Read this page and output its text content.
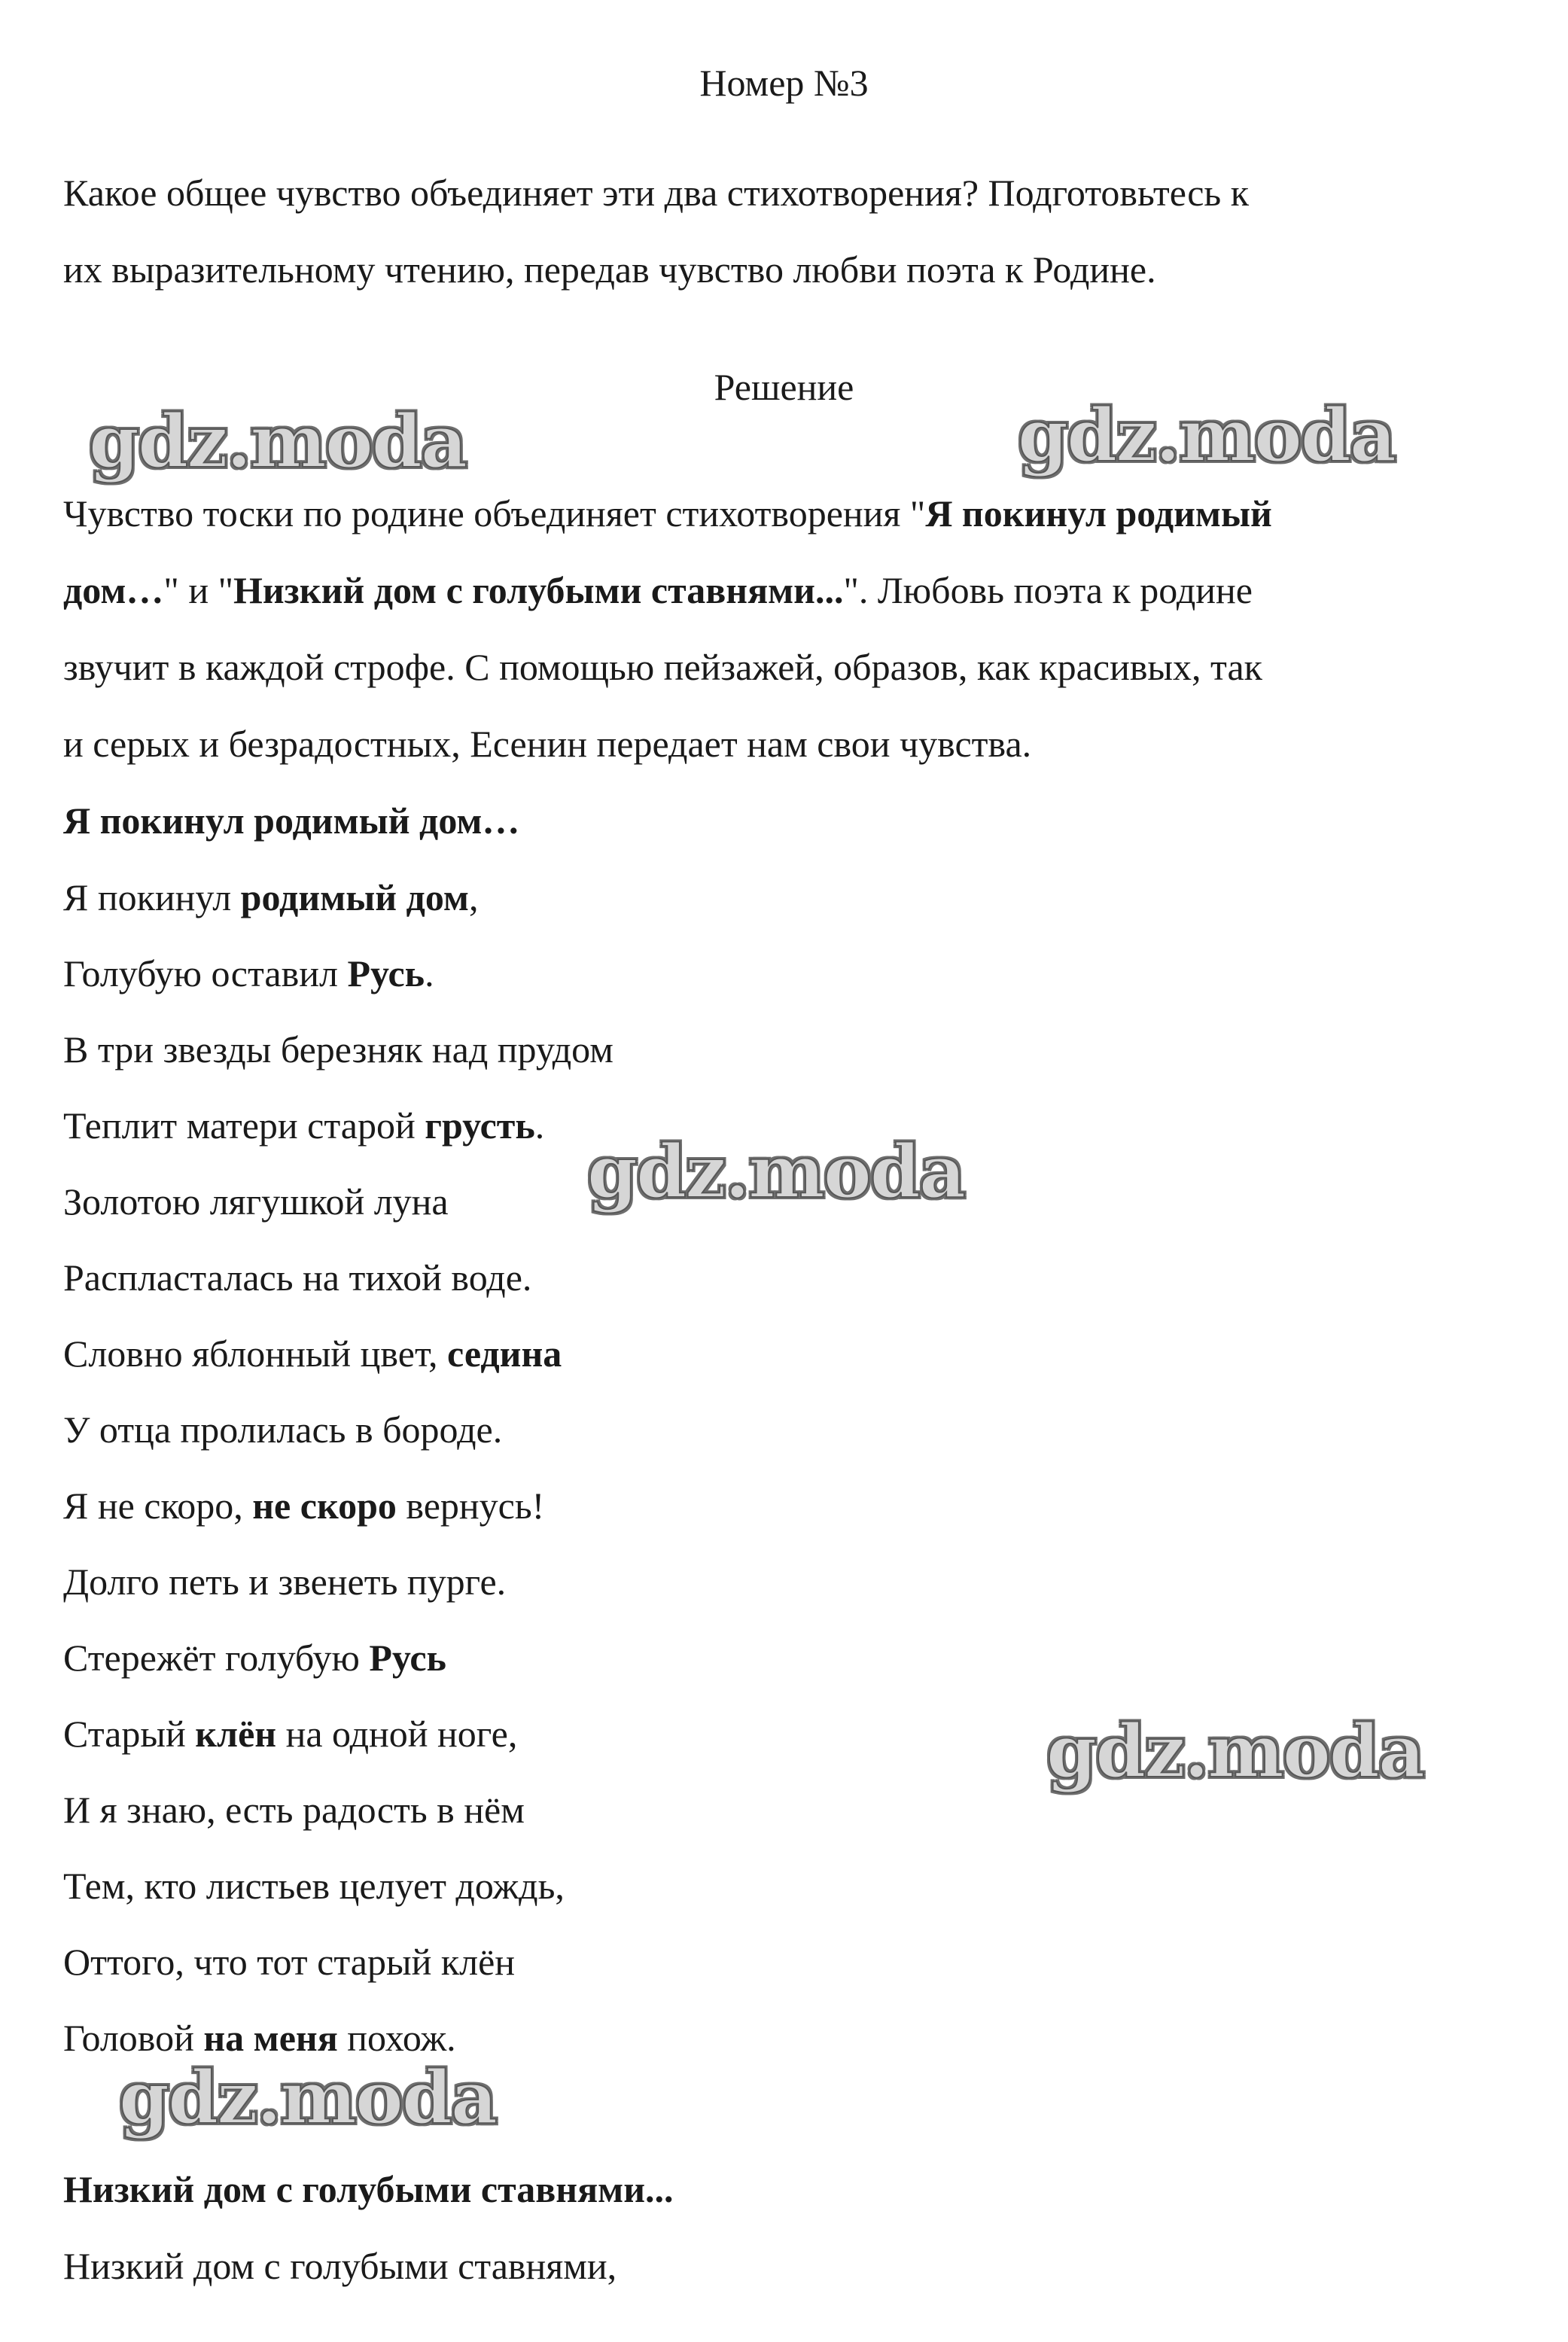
Номер №3
Какое общее чувство объединяет эти два стихотворения? Подготовьтесь к
их выразительному чтению, передав чувство любви поэта к Родине.
Решение
Чувство тоски по родине объединяет стихотворения "Я покинул родимый
дом…" и "Низкий дом с голубыми ставнями...". Любовь поэта к родине
звучит в каждой строфе. С помощью пейзажей, образов, как красивых, так
и серых и безрадостных, Есенин передает нам свои чувства.
Я покинул родимый дом…
Я покинул родимый дом,
Голубую оставил Русь.
В три звезды березняк над прудом
Теплит матери старой грусть.
Золотою лягушкой луна
Распласталась на тихой воде.
Словно яблонный цвет, седина
У отца пролилась в бороде.
Я не скоро, не скоро вернусь!
Долго петь и звенеть пурге.
Стережёт голубую Русь
Старый клён на одной ноге,
И я знаю, есть радость в нём
Тем, кто листьев целует дождь,
Оттого, что тот старый клён
Головой на меня похож.
Низкий дом с голубыми ставнями...
Низкий дом с голубыми ставнями,
gdz.moda	gdz.moda
gdz.moda
gdz.moda
gdz.moda
